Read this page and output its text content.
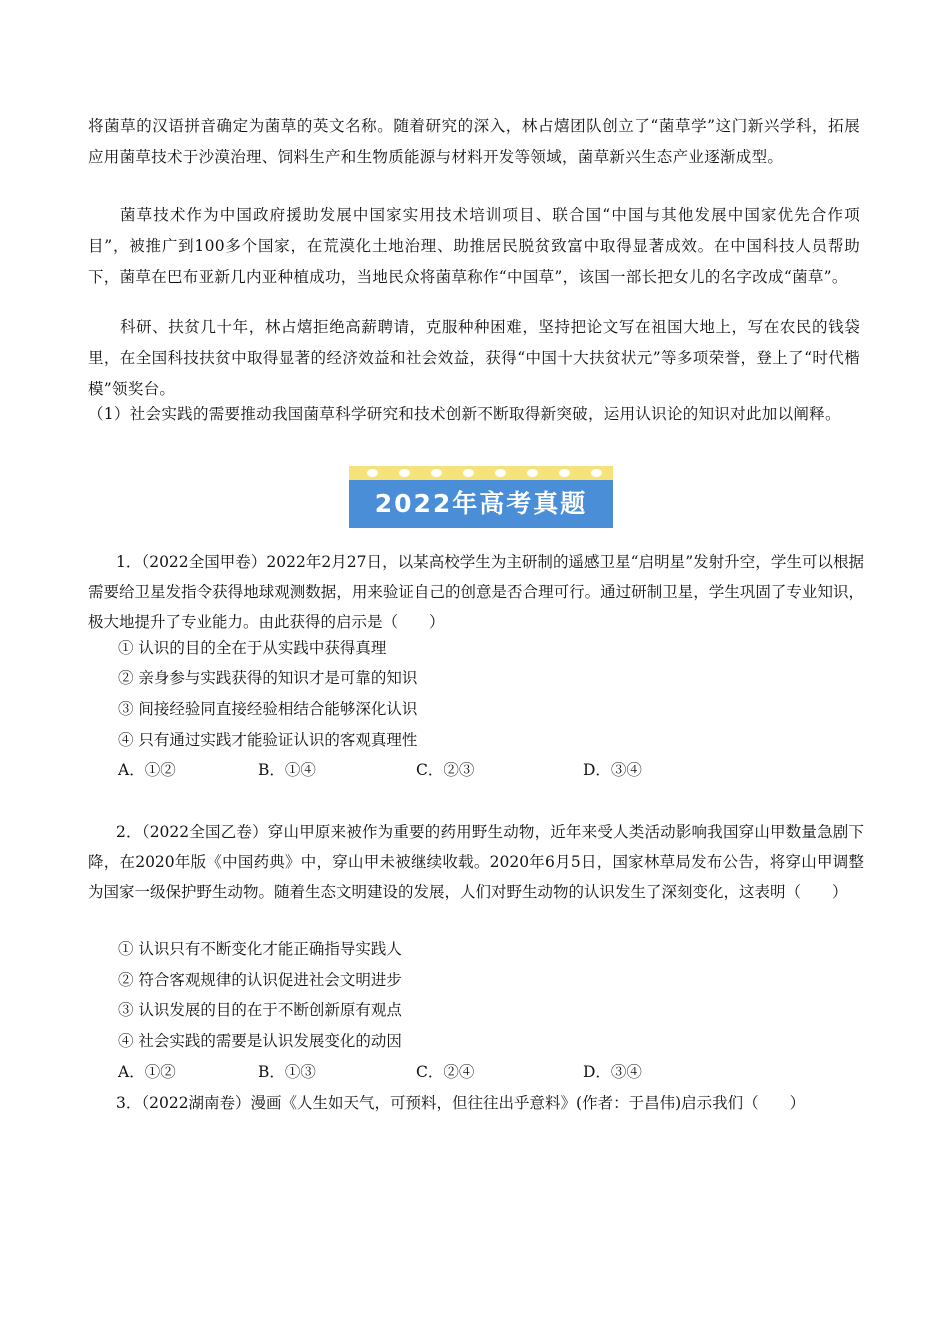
将菌草的汉语拼音确定为菌草的英文名称。随着研究的深入，林占熺团队创立了“菌草学”这门新兴学科，拓展应用菌草技术于沙漠治理、饲料生产和生物质能源与材料开发等领域，菌草新兴生态产业逐渐成型。

菌草技术作为中国政府援助发展中国家实用技术培训项目、联合国“中国与其他发展中国家优先合作项目”，被推广到100多个国家，在荒漠化土地治理、助推居民脱贫致富中取得显著成效。在中国科技人员帮助下，菌草在巴布亚新几内亚种植成功，当地民众将菌草称作“中国草”，该国一部长把女儿的名字改成“菌草”。

科研、扶贫几十年，林占熺拒绝高薪聘请，克服种种困难，坚持把论文写在祖国大地上，写在农民的钱袋里，在全国科技扶贫中取得显著的经济效益和社会效益，获得“中国十大扶贫状元”等多项荣誉，登上了“时代楷模”领奖台。

（1）社会实践的需要推动我国菌草科学研究和技术创新不断取得新突破，运用认识论的知识对此加以阐释。

2022年高考真题

1．（2022全国甲卷）2022年2月27日，以某高校学生为主研制的遥感卫星“启明星”发射升空，学生可以根据需要给卫星发指令获得地球观测数据，用来验证自己的创意是否合理可行。通过研制卫星，学生巩固了专业知识，极大地提升了专业能力。由此获得的启示是（　　）

① 认识的目的全在于从实践中获得真理

② 亲身参与实践获得的知识才是可靠的知识

③ 间接经验同直接经验相结合能够深化认识

④ 只有通过实践才能验证认识的客观真理性

A．①②	B．①④	C．②③	D．③④

2．（2022全国乙卷）穿山甲原来被作为重要的药用野生动物，近年来受人类活动影响我国穿山甲数量急剧下降，在2020年版《中国药典》中，穿山甲未被继续收载。2020年6月5日，国家林草局发布公告，将穿山甲调整为国家一级保护野生动物。随着生态文明建设的发展，人们对野生动物的认识发生了深刻变化，这表明（　　）

① 认识只有不断变化才能正确指导实践人

② 符合客观规律的认识促进社会文明进步

③ 认识发展的目的在于不断创新原有观点

④ 社会实践的需要是认识发展变化的动因

A．①②	B．①③	C．②④	D．③④

3．（2022湖南卷）漫画《人生如天气，可预料，但往往出乎意料》(作者：于昌伟)启示我们（　　）
